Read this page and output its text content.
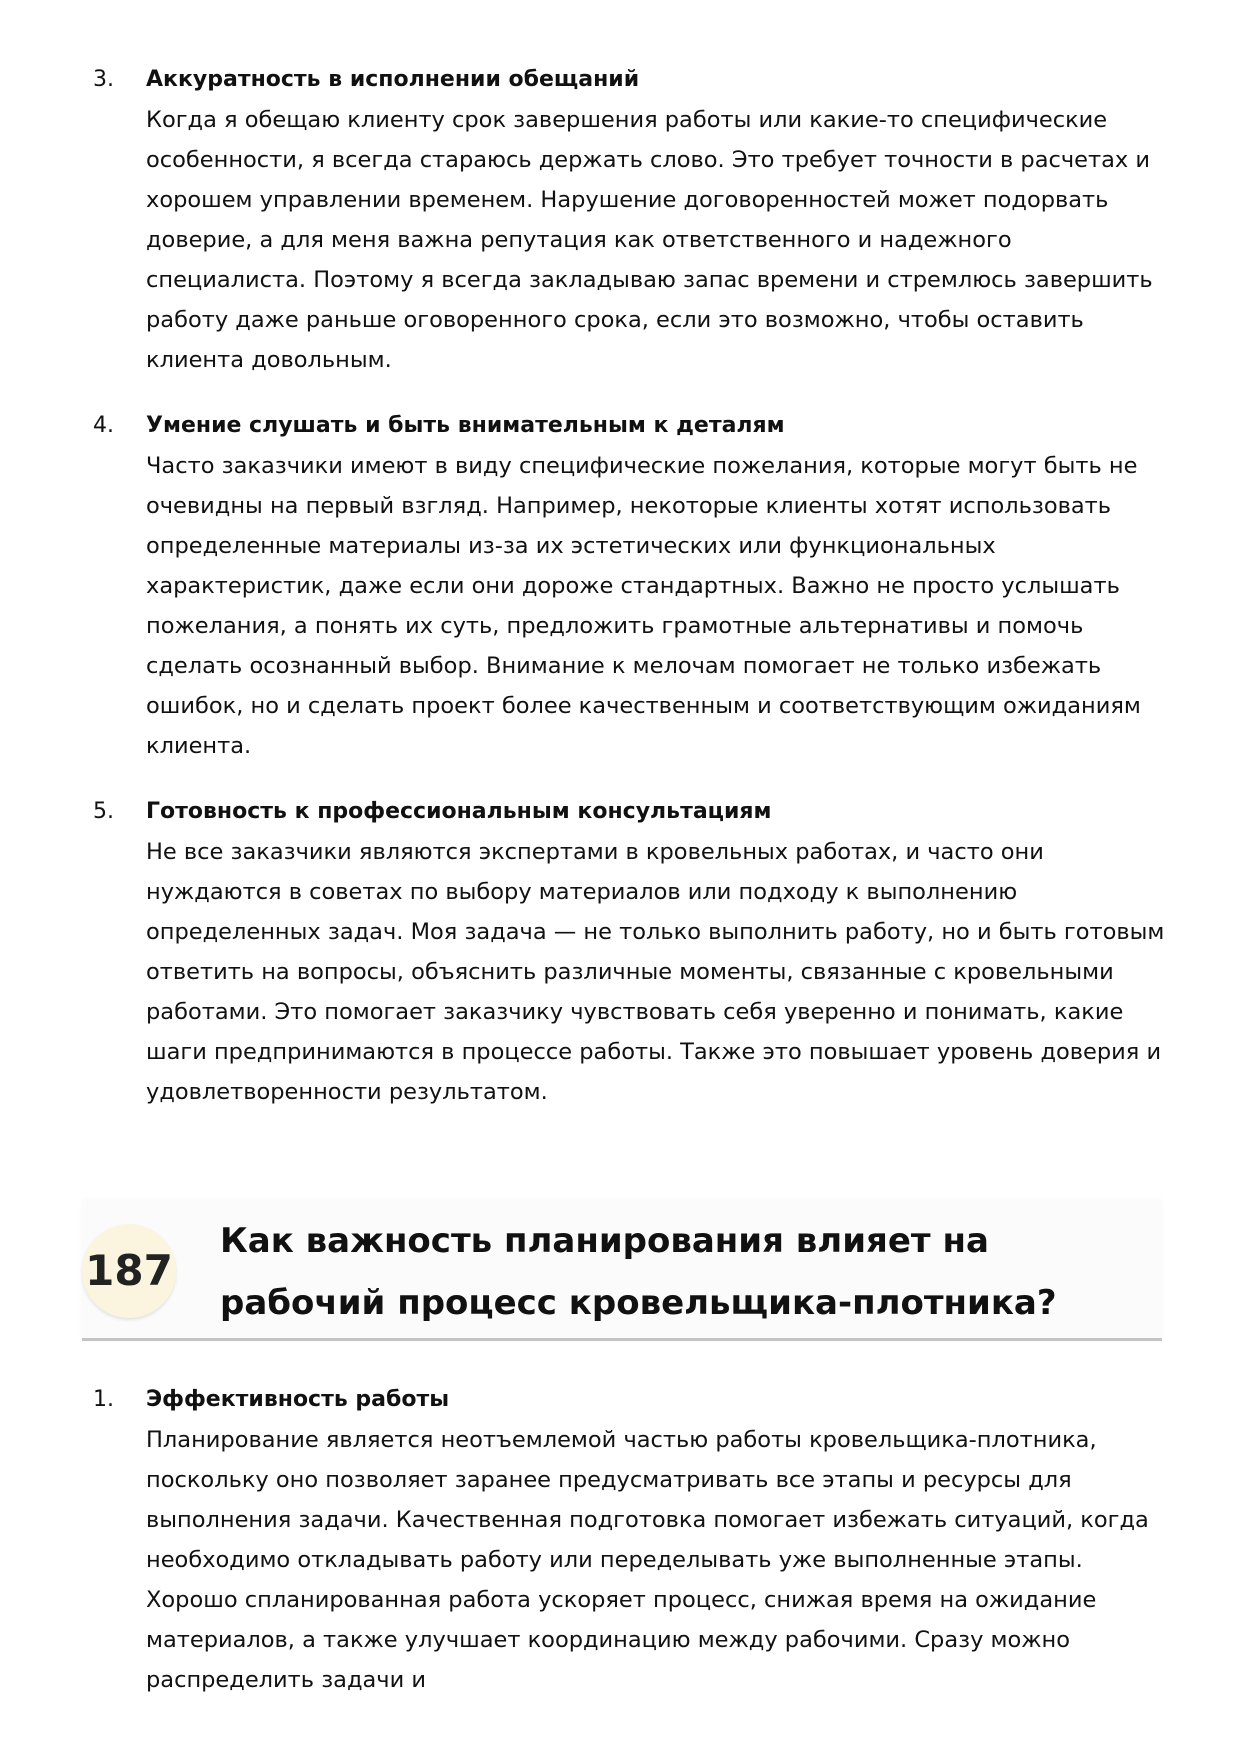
3. Аккуратность в исполнении обещаний
Когда я обещаю клиенту срок завершения работы или какие-то специфические особенности, я всегда стараюсь держать слово. Это требует точности в расчетах и хорошем управлении временем. Нарушение договоренностей может подорвать доверие, а для меня важна репутация как ответственного и надежного специалиста. Поэтому я всегда закладываю запас времени и стремлюсь завершить работу даже раньше оговоренного срока, если это возможно, чтобы оставить клиента довольным.
4. Умение слушать и быть внимательным к деталям
Часто заказчики имеют в виду специфические пожелания, которые могут быть не очевидны на первый взгляд. Например, некоторые клиенты хотят использовать определенные материалы из-за их эстетических или функциональных характеристик, даже если они дороже стандартных. Важно не просто услышать пожелания, а понять их суть, предложить грамотные альтернативы и помочь сделать осознанный выбор. Внимание к мелочам помогает не только избежать ошибок, но и сделать проект более качественным и соответствующим ожиданиям клиента.
5. Готовность к профессиональным консультациям
Не все заказчики являются экспертами в кровельных работах, и часто они нуждаются в советах по выбору материалов или подходу к выполнению определенных задач. Моя задача — не только выполнить работу, но и быть готовым ответить на вопросы, объяснить различные моменты, связанные с кровельными работами. Это помогает заказчику чувствовать себя уверенно и понимать, какие шаги предпринимаются в процессе работы. Также это повышает уровень доверия и удовлетворенности результатом.
187
Как важность планирования влияет на рабочий процесс кровельщика-плотника?
1. Эффективность работы
Планирование является неотъемлемой частью работы кровельщика-плотника, поскольку оно позволяет заранее предусматривать все этапы и ресурсы для выполнения задачи. Качественная подготовка помогает избежать ситуаций, когда необходимо откладывать работу или переделывать уже выполненные этапы. Хорошо спланированная работа ускоряет процесс, снижая время на ожидание материалов, а также улучшает координацию между рабочими. Сразу можно распределить задачи и
